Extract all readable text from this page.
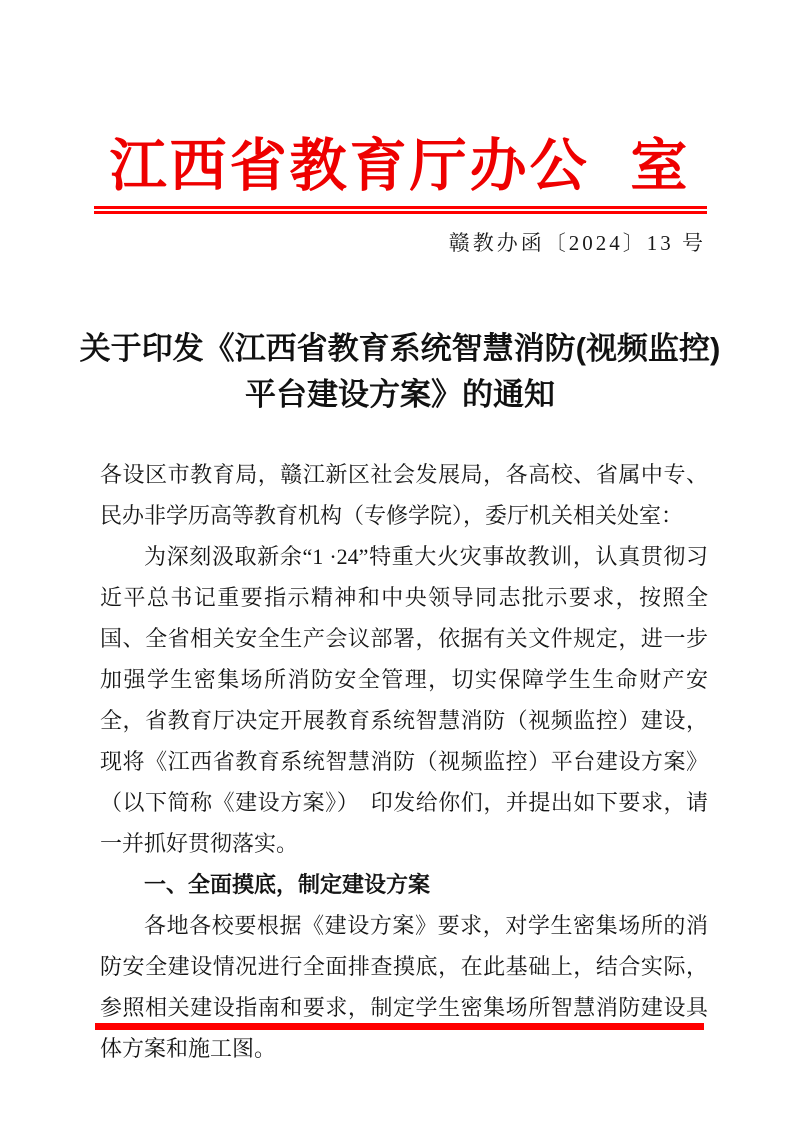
江西省教育厅办公 室
赣教办函〔2024〕13 号
关于印发《江西省教育系统智慧消防(视频监控)
平台建设方案》的通知

各设区市教育局，赣江新区社会发展局，各高校、省属中专、民办非学历高等教育机构（专修学院），委厅机关相关处室：

为深刻汲取新余“1 ·24”特重大火灾事故教训，认真贯彻习近平总书记重要指示精神和中央领导同志批示要求，按照全国、全省相关安全生产会议部署，依据有关文件规定，进一步加强学生密集场所消防安全管理，切实保障学生生命财产安全，省教育厅决定开展教育系统智慧消防（视频监控）建设，现将《江西省教育系统智慧消防（视频监控）平台建设方案》（以下简称《建设方案》）　印发给你们，并提出如下要求，请一并抓好贯彻落实。

一、全面摸底，制定建设方案

各地各校要根据《建设方案》要求，对学生密集场所的消防安全建设情况进行全面排查摸底，在此基础上，结合实际，参照相关建设指南和要求，制定学生密集场所智慧消防建设具体方案和施工图。
